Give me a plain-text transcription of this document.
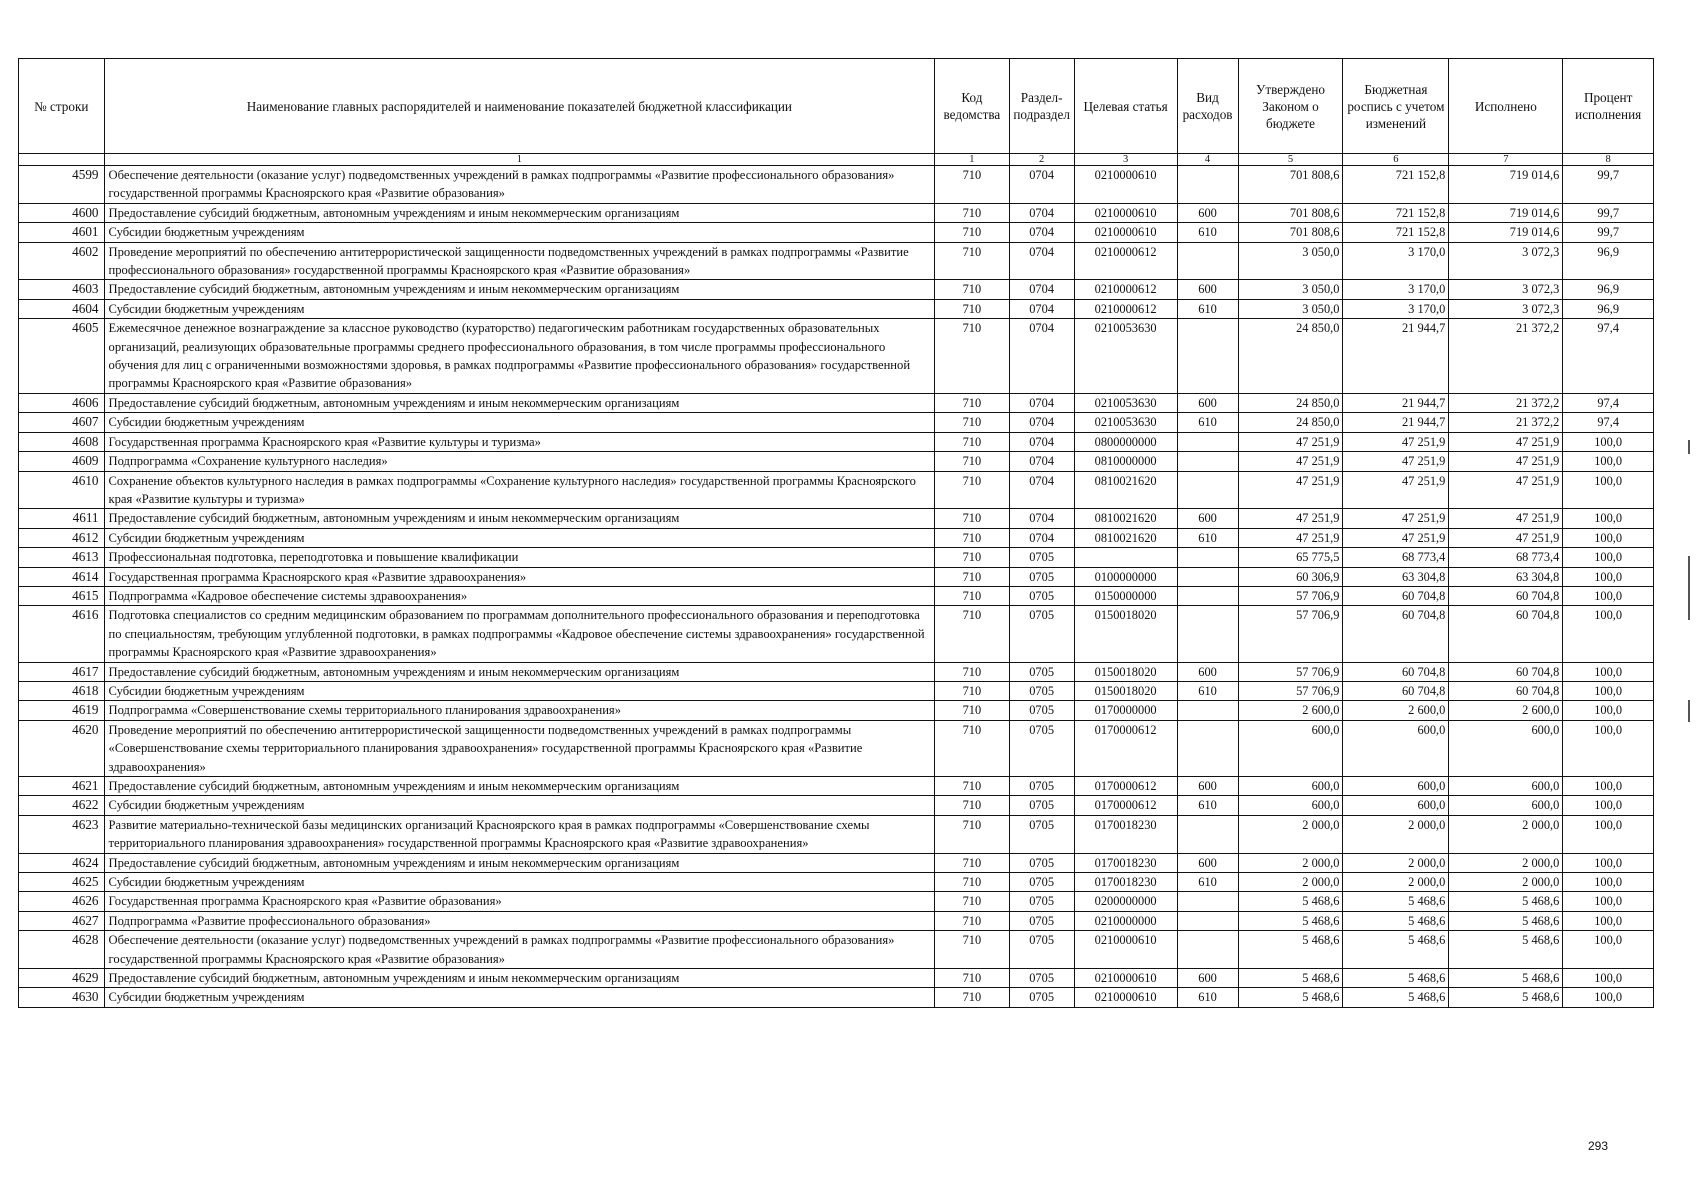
№ строки	Наименование главных распорядителей и наименование показателей бюджетной классификации	Код ведомства	Раздел-подраздел	Целевая статья	Вид расходов	Утверждено Законом о бюджете	Бюджетная роспись с учетом изменений	Исполнено	Процент исполнения
	1	1	2	3	4	5	6	7	8
4599	Обеспечение деятельности (оказание услуг) подведомственных учреждений в рамках подпрограммы «Развитие профессионального образования» государственной программы Красноярского края «Развитие образования»	710	0704	0210000610		701 808,6	721 152,8	719 014,6	99,7
4600	Предоставление субсидий бюджетным, автономным учреждениям и иным некоммерческим организациям	710	0704	0210000610	600	701 808,6	721 152,8	719 014,6	99,7
4601	Субсидии бюджетным учреждениям	710	0704	0210000610	610	701 808,6	721 152,8	719 014,6	99,7
4602	Проведение мероприятий по обеспечению антитеррористической защищенности подведомственных учреждений в рамках подпрограммы «Развитие профессионального образования» государственной программы Красноярского края «Развитие образования»	710	0704	0210000612		3 050,0	3 170,0	3 072,3	96,9
4603	Предоставление субсидий бюджетным, автономным учреждениям и иным некоммерческим организациям	710	0704	0210000612	600	3 050,0	3 170,0	3 072,3	96,9
4604	Субсидии бюджетным учреждениям	710	0704	0210000612	610	3 050,0	3 170,0	3 072,3	96,9
4605	Ежемесячное денежное вознаграждение за классное руководство (кураторство) педагогическим работникам государственных образовательных организаций, реализующих образовательные программы среднего профессионального образования, в том числе программы профессионального обучения для лиц с ограниченными возможностями здоровья, в рамках подпрограммы «Развитие профессионального образования» государственной программы Красноярского края «Развитие образования»	710	0704	0210053630		24 850,0	21 944,7	21 372,2	97,4
4606	Предоставление субсидий бюджетным, автономным учреждениям и иным некоммерческим организациям	710	0704	0210053630	600	24 850,0	21 944,7	21 372,2	97,4
4607	Субсидии бюджетным учреждениям	710	0704	0210053630	610	24 850,0	21 944,7	21 372,2	97,4
4608	Государственная программа Красноярского края «Развитие культуры и туризма»	710	0704	0800000000		47 251,9	47 251,9	47 251,9	100,0
4609	Подпрограмма «Сохранение культурного наследия»	710	0704	0810000000		47 251,9	47 251,9	47 251,9	100,0
4610	Сохранение объектов культурного наследия в рамках подпрограммы «Сохранение культурного наследия» государственной программы Красноярского края «Развитие культуры и туризма»	710	0704	0810021620		47 251,9	47 251,9	47 251,9	100,0
4611	Предоставление субсидий бюджетным, автономным учреждениям и иным некоммерческим организациям	710	0704	0810021620	600	47 251,9	47 251,9	47 251,9	100,0
4612	Субсидии бюджетным учреждениям	710	0704	0810021620	610	47 251,9	47 251,9	47 251,9	100,0
4613	Профессиональная подготовка, переподготовка и повышение квалификации	710	0705			65 775,5	68 773,4	68 773,4	100,0
4614	Государственная программа Красноярского края «Развитие здравоохранения»	710	0705	0100000000		60 306,9	63 304,8	63 304,8	100,0
4615	Подпрограмма «Кадровое обеспечение системы здравоохранения»	710	0705	0150000000		57 706,9	60 704,8	60 704,8	100,0
4616	Подготовка специалистов со средним медицинским образованием по программам дополнительного профессионального образования и переподготовка по специальностям, требующим углубленной подготовки, в рамках подпрограммы «Кадровое обеспечение системы здравоохранения» государственной программы Красноярского края «Развитие здравоохранения»	710	0705	0150018020		57 706,9	60 704,8	60 704,8	100,0
4617	Предоставление субсидий бюджетным, автономным учреждениям и иным некоммерческим организациям	710	0705	0150018020	600	57 706,9	60 704,8	60 704,8	100,0
4618	Субсидии бюджетным учреждениям	710	0705	0150018020	610	57 706,9	60 704,8	60 704,8	100,0
4619	Подпрограмма «Совершенствование схемы территориального планирования здравоохранения»	710	0705	0170000000		2 600,0	2 600,0	2 600,0	100,0
4620	Проведение мероприятий по обеспечению антитеррористической защищенности подведомственных учреждений в рамках подпрограммы «Совершенствование схемы территориального планирования здравоохранения» государственной программы Красноярского края «Развитие здравоохранения»	710	0705	0170000612		600,0	600,0	600,0	100,0
4621	Предоставление субсидий бюджетным, автономным учреждениям и иным некоммерческим организациям	710	0705	0170000612	600	600,0	600,0	600,0	100,0
4622	Субсидии бюджетным учреждениям	710	0705	0170000612	610	600,0	600,0	600,0	100,0
4623	Развитие материально-технической базы медицинских организаций Красноярского края в рамках подпрограммы «Совершенствование схемы территориального планирования здравоохранения» государственной программы Красноярского края «Развитие здравоохранения»	710	0705	0170018230		2 000,0	2 000,0	2 000,0	100,0
4624	Предоставление субсидий бюджетным, автономным учреждениям и иным некоммерческим организациям	710	0705	0170018230	600	2 000,0	2 000,0	2 000,0	100,0
4625	Субсидии бюджетным учреждениям	710	0705	0170018230	610	2 000,0	2 000,0	2 000,0	100,0
4626	Государственная программа Красноярского края «Развитие образования»	710	0705	0200000000		5 468,6	5 468,6	5 468,6	100,0
4627	Подпрограмма «Развитие профессионального образования»	710	0705	0210000000		5 468,6	5 468,6	5 468,6	100,0
4628	Обеспечение деятельности (оказание услуг) подведомственных учреждений в рамках подпрограммы «Развитие профессионального образования» государственной программы Красноярского края «Развитие образования»	710	0705	0210000610		5 468,6	5 468,6	5 468,6	100,0
4629	Предоставление субсидий бюджетным, автономным учреждениям и иным некоммерческим организациям	710	0705	0210000610	600	5 468,6	5 468,6	5 468,6	100,0
4630	Субсидии бюджетным учреждениям	710	0705	0210000610	610	5 468,6	5 468,6	5 468,6	100,0
293
